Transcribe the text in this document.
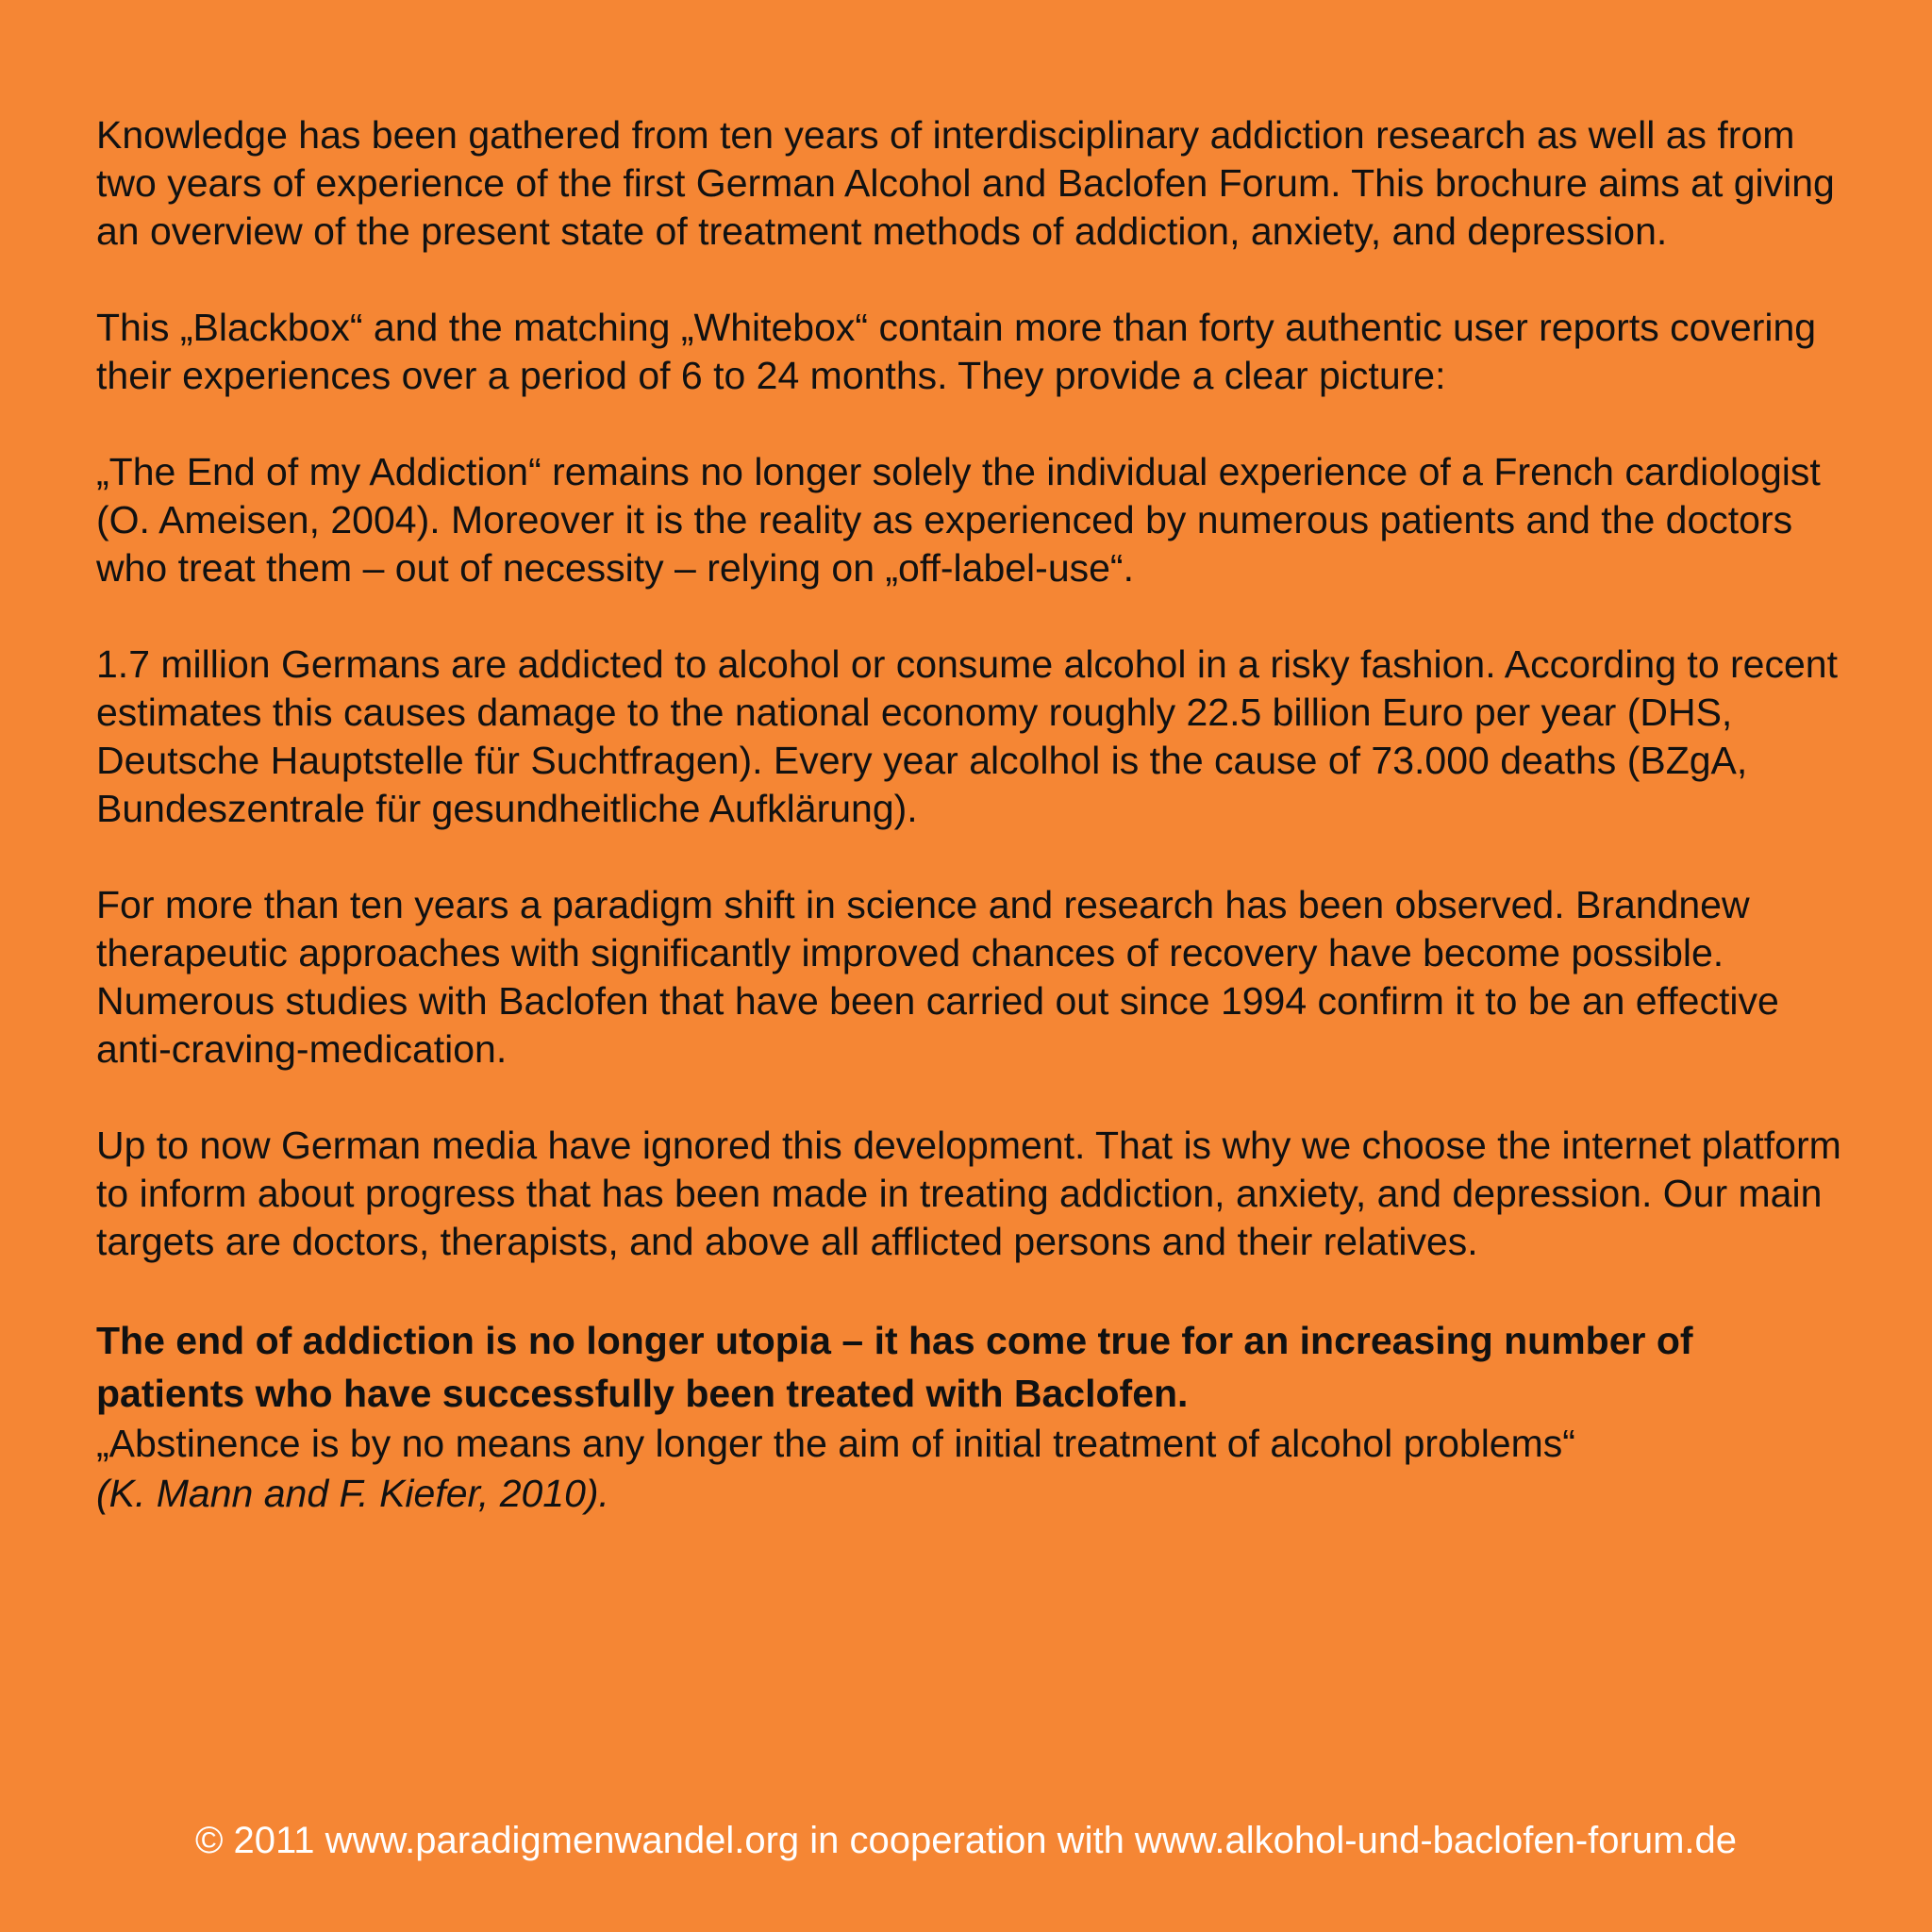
Knowledge has been gathered from ten years of interdisciplinary addiction research as well as from two years of experience of the first German Alcohol and Baclofen Forum. This brochure aims at giving an overview of the present state of treatment methods of addiction, anxiety, and depression.

This „Blackbox“ and the matching „Whitebox“ contain more than forty authentic user reports covering their experiences over a period of 6 to 24 months. They provide a clear picture:

„The End of my Addiction“ remains no longer solely the individual experience of a French cardiologist (O. Ameisen, 2004). Moreover it is the reality as experienced by numerous patients and the doctors who treat them – out of necessity – relying on „off-label-use“.

1.7 million Germans are addicted to alcohol or consume alcohol in a risky fashion. According to recent estimates this causes damage to the national economy roughly 22.5 billion Euro per year (DHS, Deutsche Hauptstelle für Suchtfragen). Every year alcolhol is the cause of 73.000 deaths (BZgA, Bundeszentrale für gesundheitliche Aufklärung).

For more than ten years a paradigm shift in science and research has been observed. Brandnew therapeutic approaches with significantly improved chances of recovery have become possible. Numerous studies with Baclofen that have been carried out since 1994 confirm it to be an effective anti-craving-medication.

Up to now German media have ignored this development. That is why we choose the internet platform to inform about progress that has been made in treating addiction, anxiety, and depression. Our main targets are doctors, therapists, and above all afflicted persons and their relatives.

The end of addiction is no longer utopia – it has come true for an increasing number of patients who have successfully been treated with Baclofen.
„Abstinence is by no means any longer the aim of initial treatment of alcohol problems“
(K. Mann and F. Kiefer, 2010).
© 2011 www.paradigmenwandel.org in cooperation with www.alkohol-und-baclofen-forum.de
